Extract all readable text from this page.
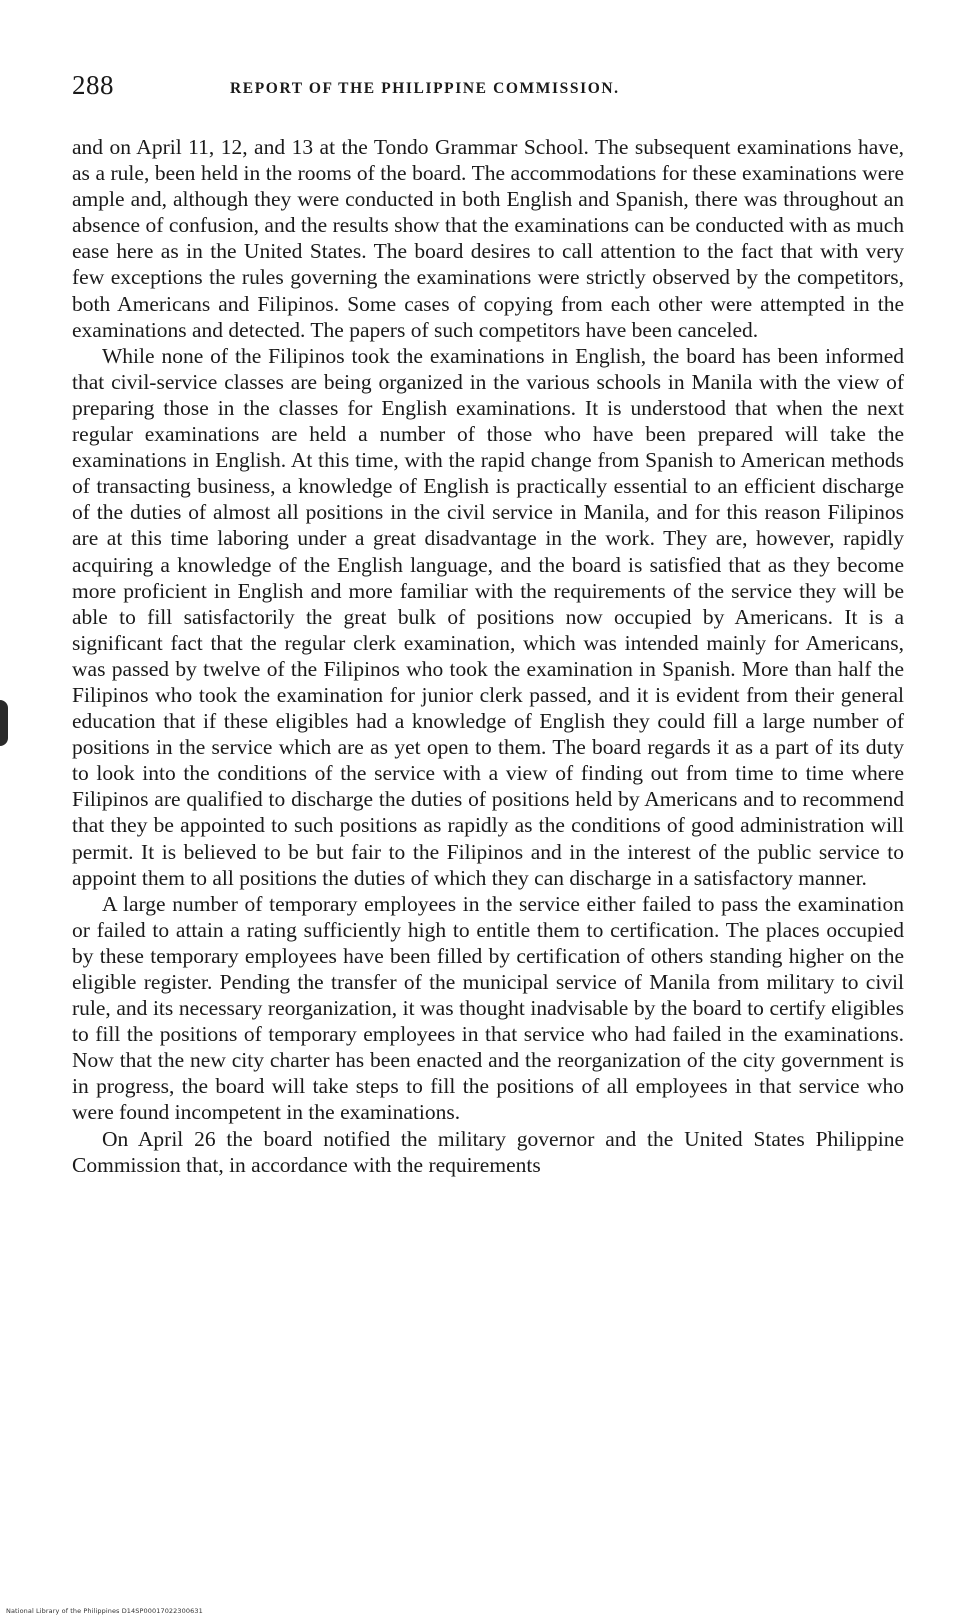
288	REPORT OF THE PHILIPPINE COMMISSION.

and on April 11, 12, and 13 at the Tondo Grammar School. The subsequent examinations have, as a rule, been held in the rooms of the board. The accommodations for these examinations were ample and, although they were conducted in both English and Spanish, there was throughout an absence of confusion, and the results show that the examinations can be conducted with as much ease here as in the United States. The board desires to call attention to the fact that with very few exceptions the rules governing the examinations were strictly observed by the competitors, both Americans and Filipinos. Some cases of copying from each other were attempted in the examinations and detected. The papers of such competitors have been canceled.

While none of the Filipinos took the examinations in English, the board has been informed that civil-service classes are being organized in the various schools in Manila with the view of preparing those in the classes for English examinations. It is understood that when the next regular examinations are held a number of those who have been prepared will take the examinations in English. At this time, with the rapid change from Spanish to American methods of transacting business, a knowledge of English is practically essential to an efficient discharge of the duties of almost all positions in the civil service in Manila, and for this reason Filipinos are at this time laboring under a great disadvantage in the work. They are, however, rapidly acquiring a knowledge of the English language, and the board is satisfied that as they become more proficient in English and more familiar with the requirements of the service they will be able to fill satisfactorily the great bulk of positions now occupied by Americans. It is a significant fact that the regular clerk examination, which was intended mainly for Americans, was passed by twelve of the Filipinos who took the examination in Spanish. More than half the Filipinos who took the examination for junior clerk passed, and it is evident from their general education that if these eligibles had a knowledge of English they could fill a large number of positions in the service which are as yet open to them. The board regards it as a part of its duty to look into the conditions of the service with a view of finding out from time to time where Filipinos are qualified to discharge the duties of positions held by Americans and to recommend that they be appointed to such positions as rapidly as the conditions of good administration will permit. It is believed to be but fair to the Filipinos and in the interest of the public service to appoint them to all positions the duties of which they can discharge in a satisfactory manner.

A large number of temporary employees in the service either failed to pass the examination or failed to attain a rating sufficiently high to entitle them to certification. The places occupied by these temporary employees have been filled by certification of others standing higher on the eligible register. Pending the transfer of the municipal service of Manila from military to civil rule, and its necessary reorganization, it was thought inadvisable by the board to certify eligibles to fill the positions of temporary employees in that service who had failed in the examinations. Now that the new city charter has been enacted and the reorganization of the city government is in progress, the board will take steps to fill the positions of all employees in that service who were found incompetent in the examinations.

On April 26 the board notified the military governor and the United States Philippine Commission that, in accordance with the requirements

National Library of the Philippines D14SP00017022300631
